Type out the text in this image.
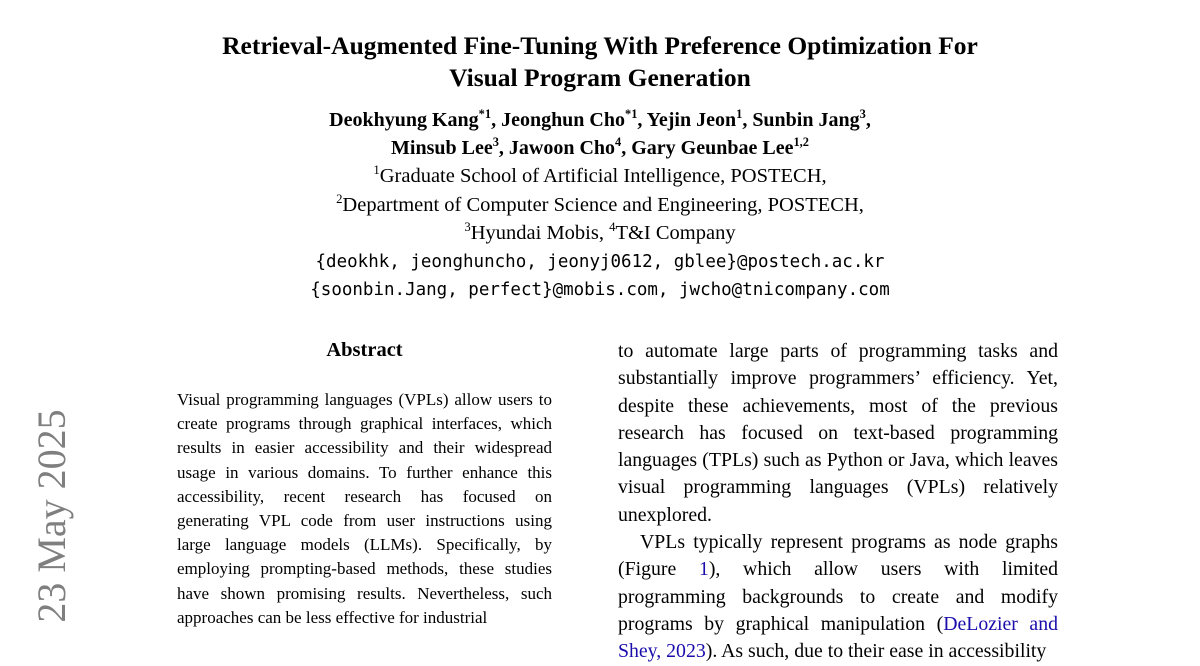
23 May 2025
Retrieval-Augmented Fine-Tuning With Preference Optimization For
Visual Program Generation
Deokhyung Kang$^{*1}$, Jeonghun Cho$^{*1}$, Yejin Jeon$^1$, Sunbin Jang$^3$,
Minsub Lee$^3$, Jawoon Cho$^4$, Gary Geunbae Lee$^{1,2}$
$^1$Graduate School of Artificial Intelligence, POSTECH,
$^2$Department of Computer Science and Engineering, POSTECH,
$^3$Hyundai Mobis, $^4$T&I Company
{deokhk, jeonghuncho, jeonyj0612, gblee}@postech.ac.kr
{soonbin.Jang, perfect}@mobis.com, jwcho@tnicompany.com
Abstract

Visual programming languages (VPLs) allow users to create programs through graphical interfaces, which results in easier accessibility and their widespread usage in various domains. To further enhance this accessibility, recent research has focused on generating VPL code from user instructions using large language models (LLMs). Specifically, by employing prompting-based methods, these studies have shown promising results. Nevertheless, such approaches can be less effective for industrial

to automate large parts of programming tasks and substantially improve programmers’ efficiency. Yet, despite these achievements, most of the previous research has focused on text-based programming languages (TPLs) such as Python or Java, which leaves visual programming languages (VPLs) relatively unexplored.

VPLs typically represent programs as node graphs (Figure 1), which allow users with limited programming backgrounds to create and modify programs by graphical manipulation (DeLozier and Shey, 2023). As such, due to their ease in accessibility
